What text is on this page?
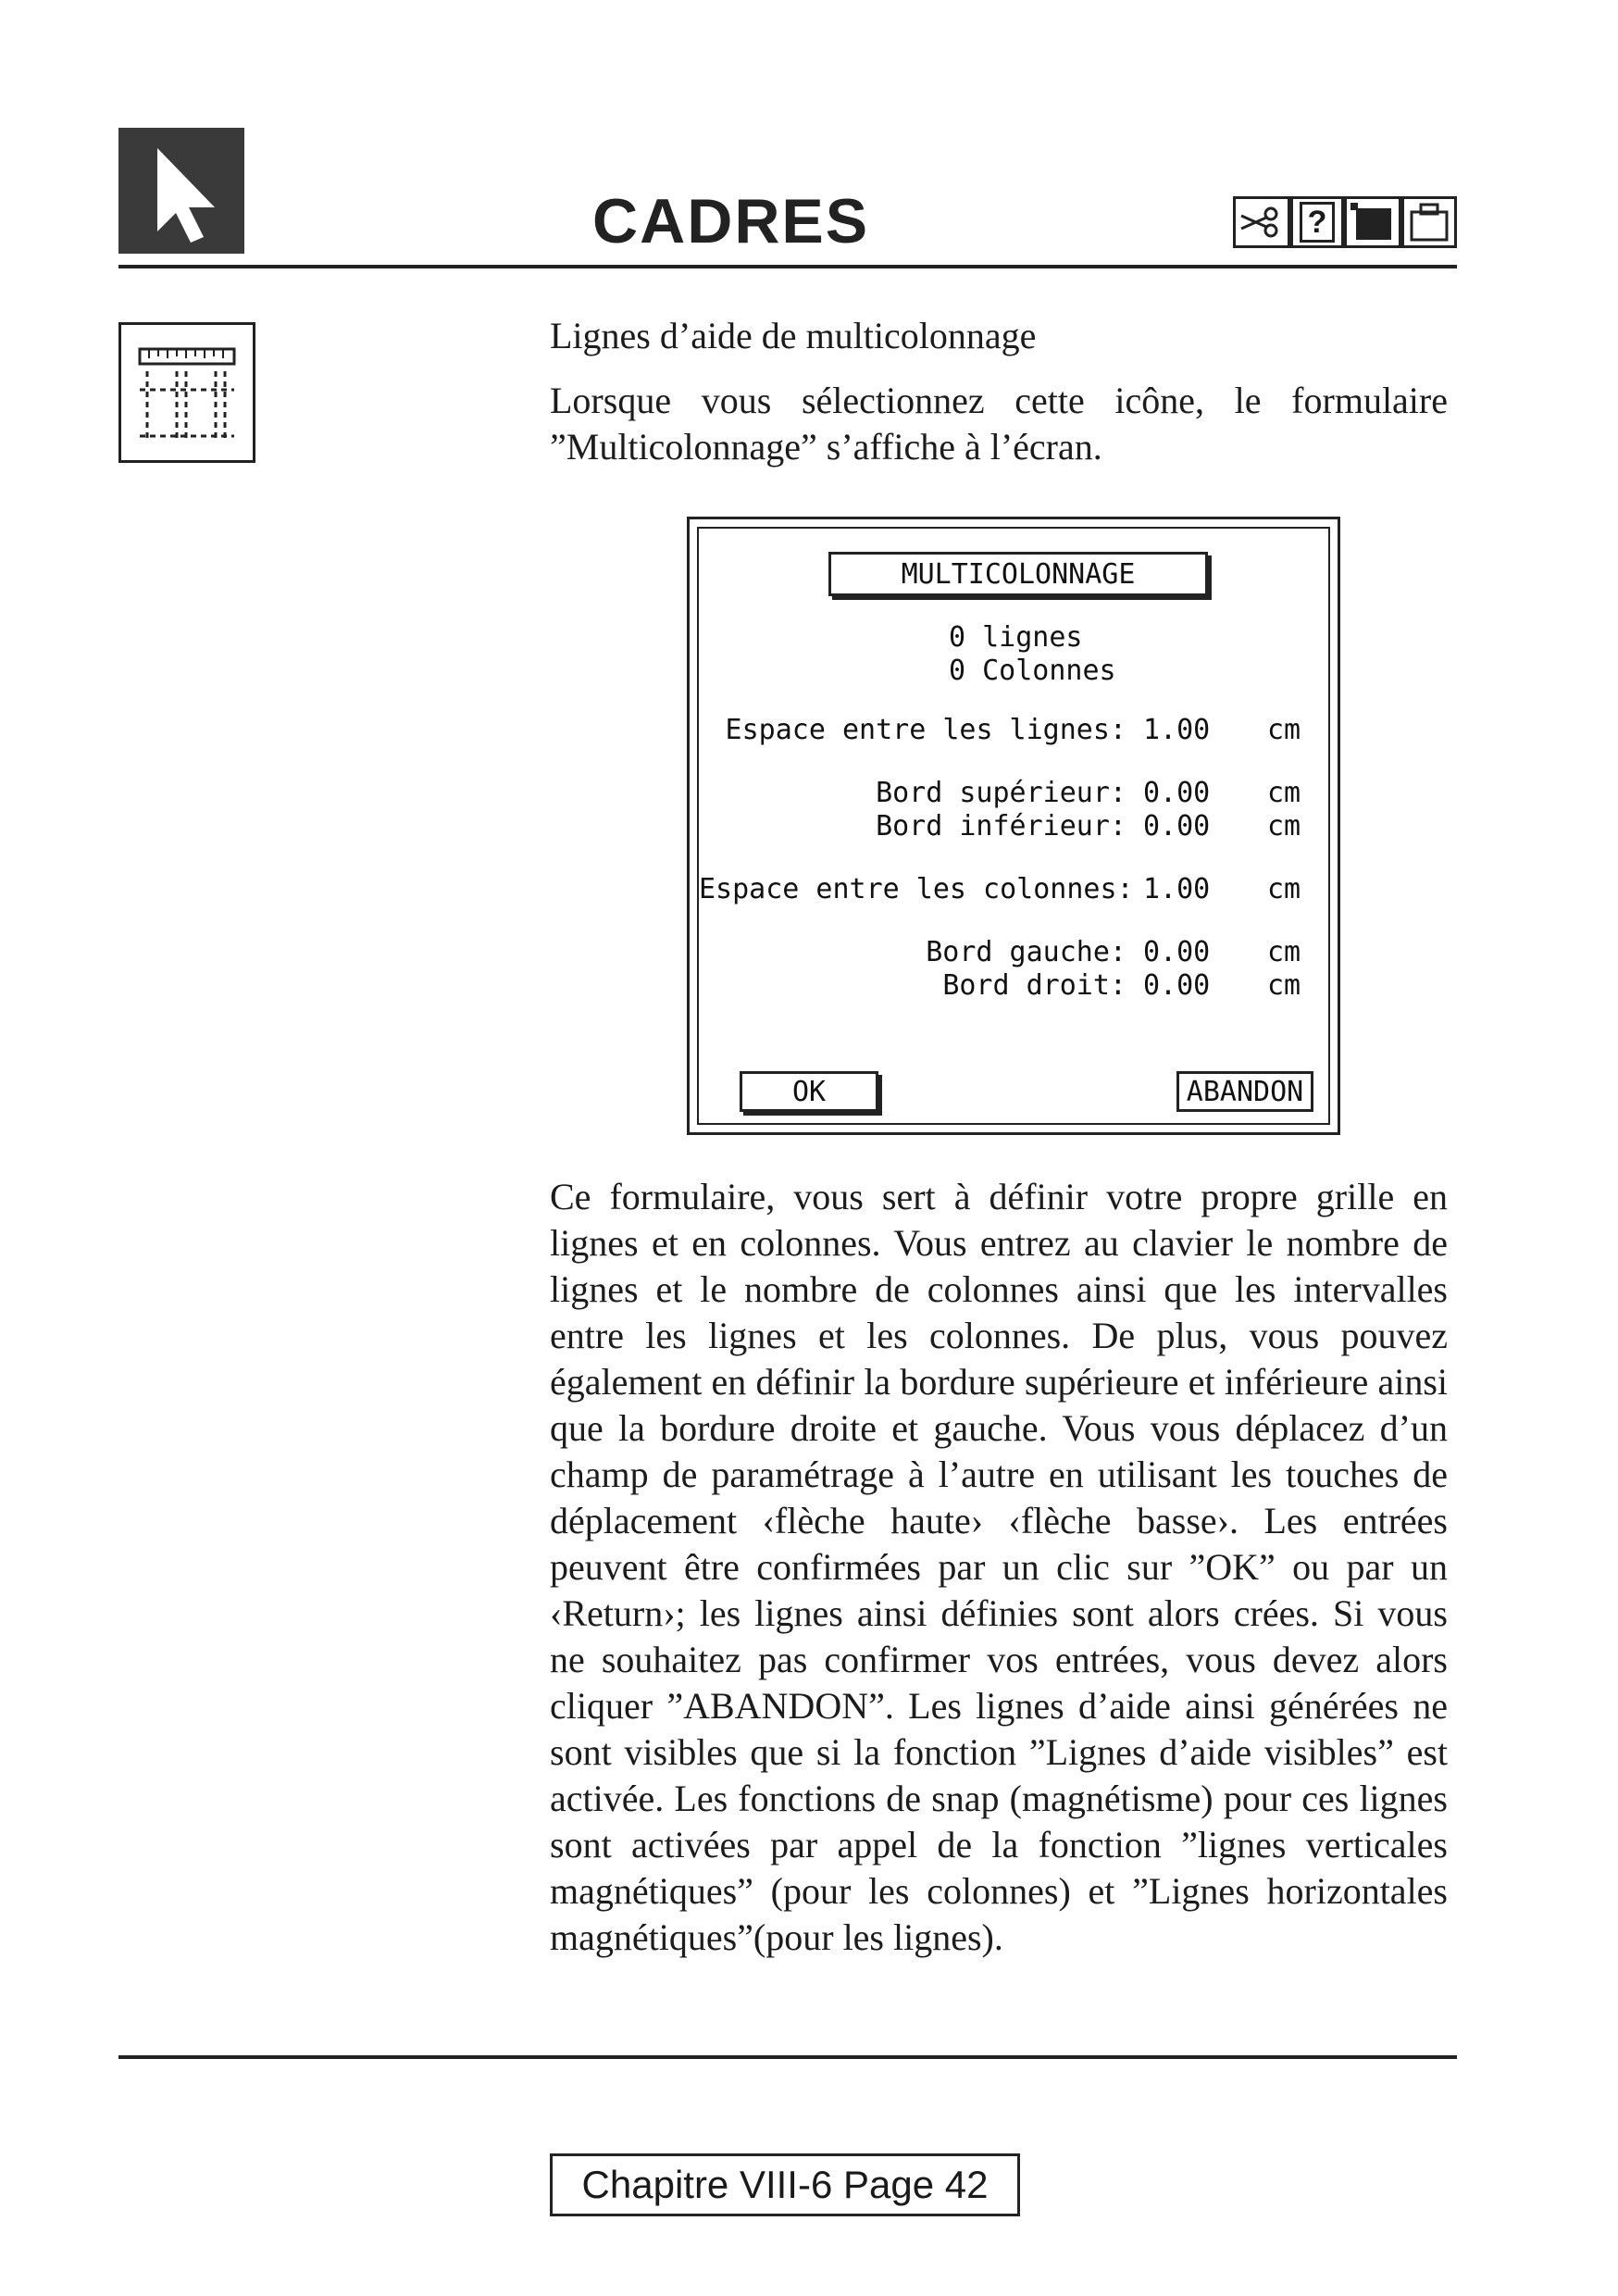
CADRES	?
Lignes d’aide de multicolonnage
Lorsque vous sélectionnez cette icône, le formulaire ”Multicolonnage” s’affiche à l’écran.
MULTICOLONNAGE
0 lignes
0 Colonnes
Espace entre les lignes: 1.00 cm
Bord supérieur: 0.00 cm
Bord inférieur: 0.00 cm
Espace entre les colonnes: 1.00 cm
Bord gauche: 0.00 cm
Bord droit: 0.00 cm
OK	ABANDON
Ce formulaire, vous sert à définir votre propre grille en lignes et en colonnes. Vous entrez au clavier le nombre de lignes et le nombre de colonnes ainsi que les intervalles entre les lignes et les colonnes. De plus, vous pouvez également en définir la bordure supérieure et inférieure ainsi que la bordure droite et gauche. Vous vous déplacez d’un champ de paramétrage à l’autre en utilisant les touches de déplacement ‹flèche haute› ‹flèche basse›. Les entrées peuvent être confirmées par un clic sur ”OK” ou par un ‹Return›; les lignes ainsi définies sont alors crées. Si vous ne souhaitez pas confirmer vos entrées, vous devez alors cliquer ”ABANDON”. Les lignes d’aide ainsi générées ne sont visibles que si la fonction ”Lignes d’aide visibles” est activée. Les fonctions de snap (magnétisme) pour ces lignes sont activées par appel de la fonction ”lignes verticales magnétiques” (pour les colonnes) et ”Lignes horizontales magnétiques”(pour les lignes).
Chapitre VIII-6 Page 42
